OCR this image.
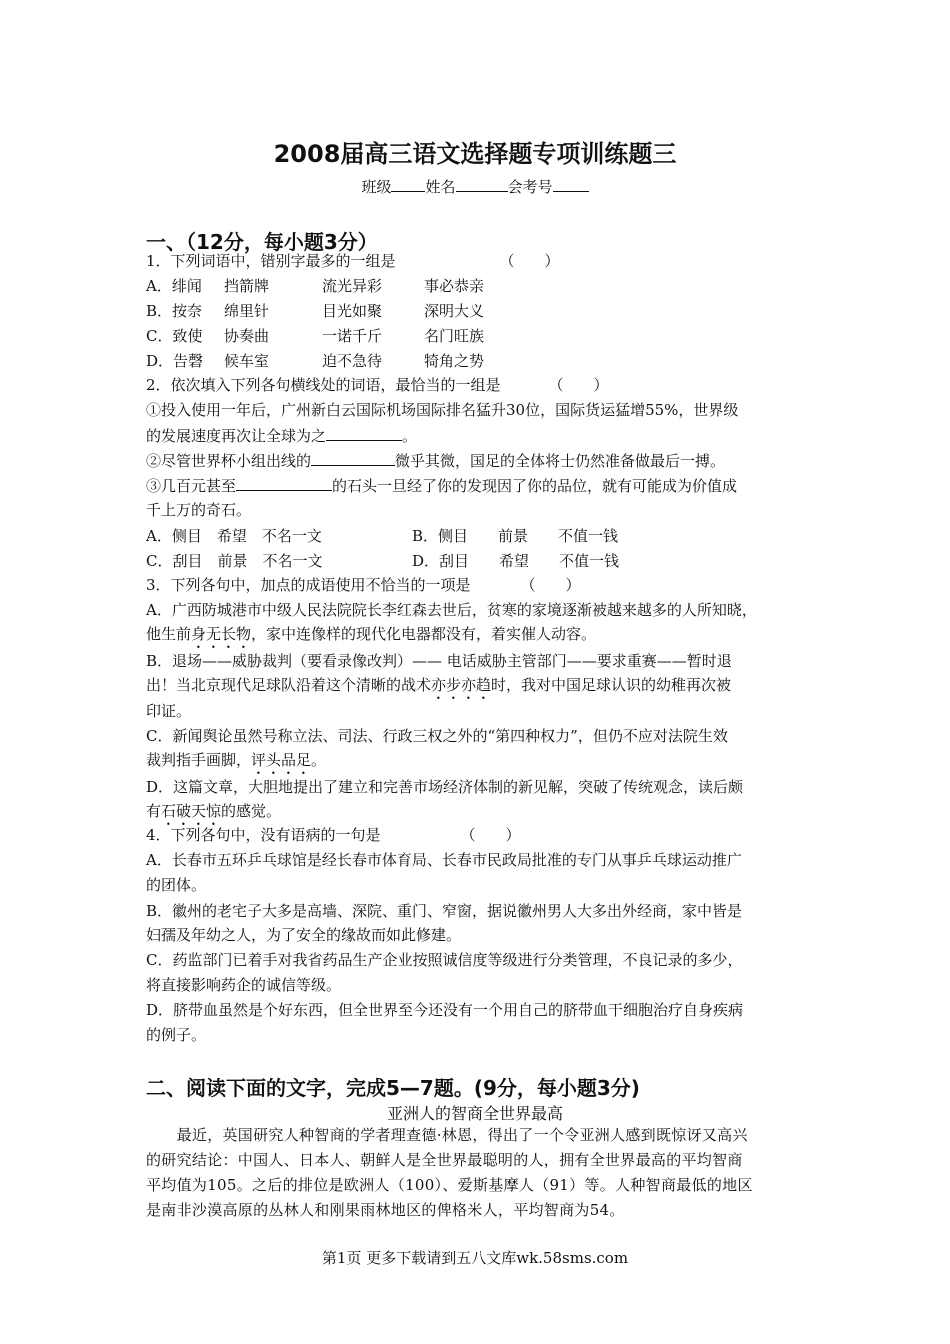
2008届高三语文选择题专项训练题三
班级 姓名	会考号
一、（12分，每小题3分）
1．下列词语中，错别字最多的一组是	（　　）
A．绯闻 挡箭牌	流光异彩	事必恭亲
B．按奈 绵里针	目光如聚	深明大义
C．致使 协奏曲	一诺千斤	名门旺族
D．告磬 候车室	迫不急待	犄角之势
2．依次填入下列各句横线处的词语，最恰当的一组是	（　　）
①投入使用一年后，广州新白云国际机场国际排名猛升30位，国际货运猛增55%，世界级
的发展速度再次让全球为之	。
②尽管世界杯小组出线的	微乎其微，国足的全体将士仍然准备做最后一搏。
③几百元甚至	的石头一旦经了你的发现因了你的品位，就有可能成为价值成
千上万的奇石。
A．侧目　希望　不名一文	B．侧目　　前景　　不值一钱
C．刮目　前景　不名一文	D．刮目　　希望　　不值一钱
3．下列各句中，加点的成语使用不恰当的一项是	（　　）
A．广西防城港市中级人民法院院长李红森去世后，贫寒的家境逐渐被越来越多的人所知晓，
他生前身无长物，家中连像样的现代化电器都没有，着实催人动容。
B．退场——威胁裁判（要看录像改判）—— 电话威胁主管部门——要求重赛——暂时退
出！当北京现代足球队沿着这个清晰的战术亦步亦趋时，我对中国足球认识的幼稚再次被
印证。
C．新闻舆论虽然号称立法、司法、行政三权之外的“第四种权力”，但仍不应对法院生效
裁判指手画脚，评头品足。
D．这篇文章，大胆地提出了建立和完善市场经济体制的新见解，突破了传统观念，读后颇
有石破天惊的感觉。
4．下列各句中，没有语病的一句是	（　　）
A．长春市五环乒乓球馆是经长春市体育局、长春市民政局批准的专门从事乒乓球运动推广
的团体。
B．徽州的老宅子大多是高墙、深院、重门、窄窗，据说徽州男人大多出外经商，家中皆是
妇孺及年幼之人，为了安全的缘故而如此修建。
C．药监部门已着手对我省药品生产企业按照诚信度等级进行分类管理，不良记录的多少，
将直接影响药企的诚信等级。
D．脐带血虽然是个好东西，但全世界至今还没有一个用自己的脐带血干细胞治疗自身疾病
的例子。
二、阅读下面的文字，完成5—7题。(9分，每小题3分)
亚洲人的智商全世界最高
　　最近，英国研究人种智商的学者理查德·林恩，得出了一个令亚洲人感到既惊讶又高兴
的研究结论：中国人、日本人、朝鲜人是全世界最聪明的人，拥有全世界最高的平均智商
平均值为105。之后的排位是欧洲人（100）、爱斯基摩人（91）等。人种智商最低的地区
是南非沙漠高原的丛林人和刚果雨林地区的俾格米人，平均智商为54。
第1页 更多下载请到五八文库wk.58sms.com
